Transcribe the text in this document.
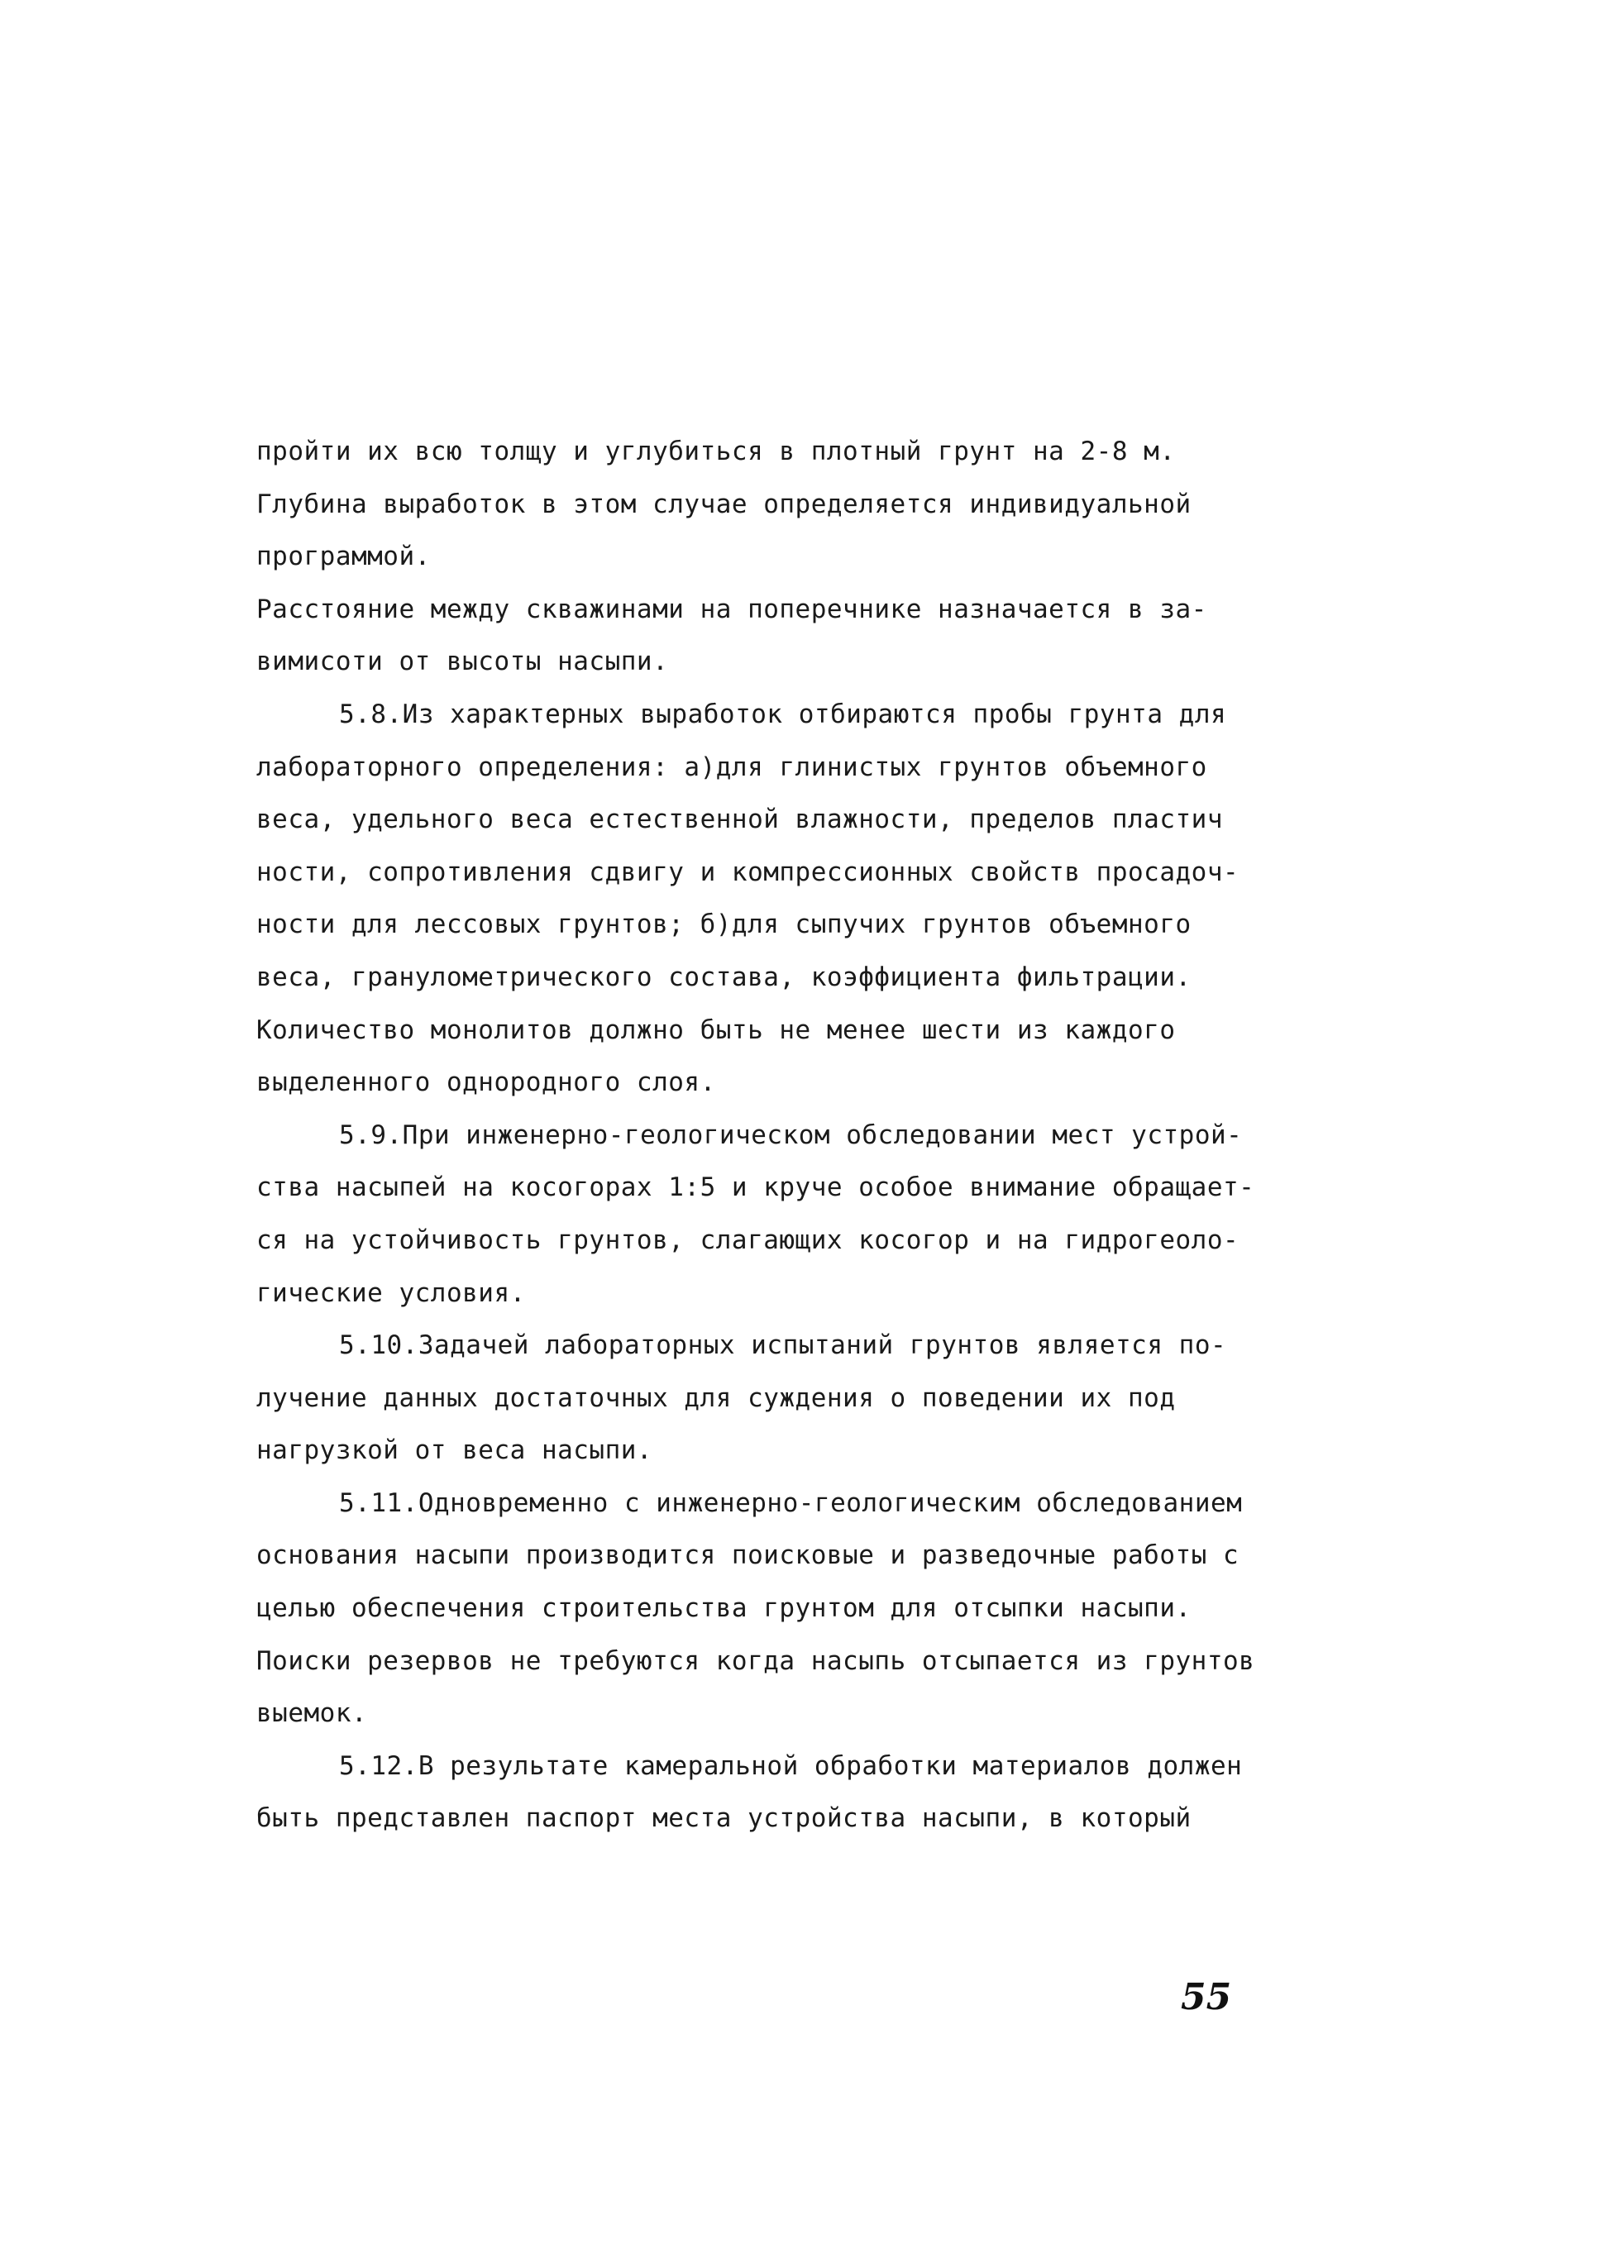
пройти их всю толщу и углубиться в плотный грунт на 2-8 м.
Глубина выработок в этом случае определяется индивидуальной
программой.
Расстояние между скважинами на поперечнике назначается в за-
вимисоти от высоты насыпи.
5.8.Из характерных выработок отбираются пробы грунта для
лабораторного определения: а)для глинистых грунтов объемного
веса, удельного веса естественной влажности, пределов пластич
ности, сопротивления сдвигу и компрессионных свойств просадоч-
ности для лессовых грунтов; б)для сыпучих грунтов объемного
веса, гранулометрического состава, коэффициента фильтрации.
Количество монолитов должно быть не менее шести из каждого
выделенного однородного слоя.
5.9.При инженерно-геологическом обследовании мест устрой-
ства насыпей на косогорах 1:5 и круче особое внимание обращает-
ся на устойчивость грунтов, слагающих косогор и на гидрогеоло-
гические условия.
5.10.Задачей лабораторных испытаний грунтов является по-
лучение данных достаточных для суждения о поведении их под
нагрузкой от веса насыпи.
5.11.Одновременно с инженерно-геологическим обследованием
основания насыпи производится поисковые и разведочные работы с
целью обеспечения строительства грунтом для отсыпки насыпи.
Поиски резервов не требуются когда насыпь отсыпается из грунтов
выемок.
5.12.В результате камеральной обработки материалов должен
быть представлен паспорт места устройства насыпи, в который
55
